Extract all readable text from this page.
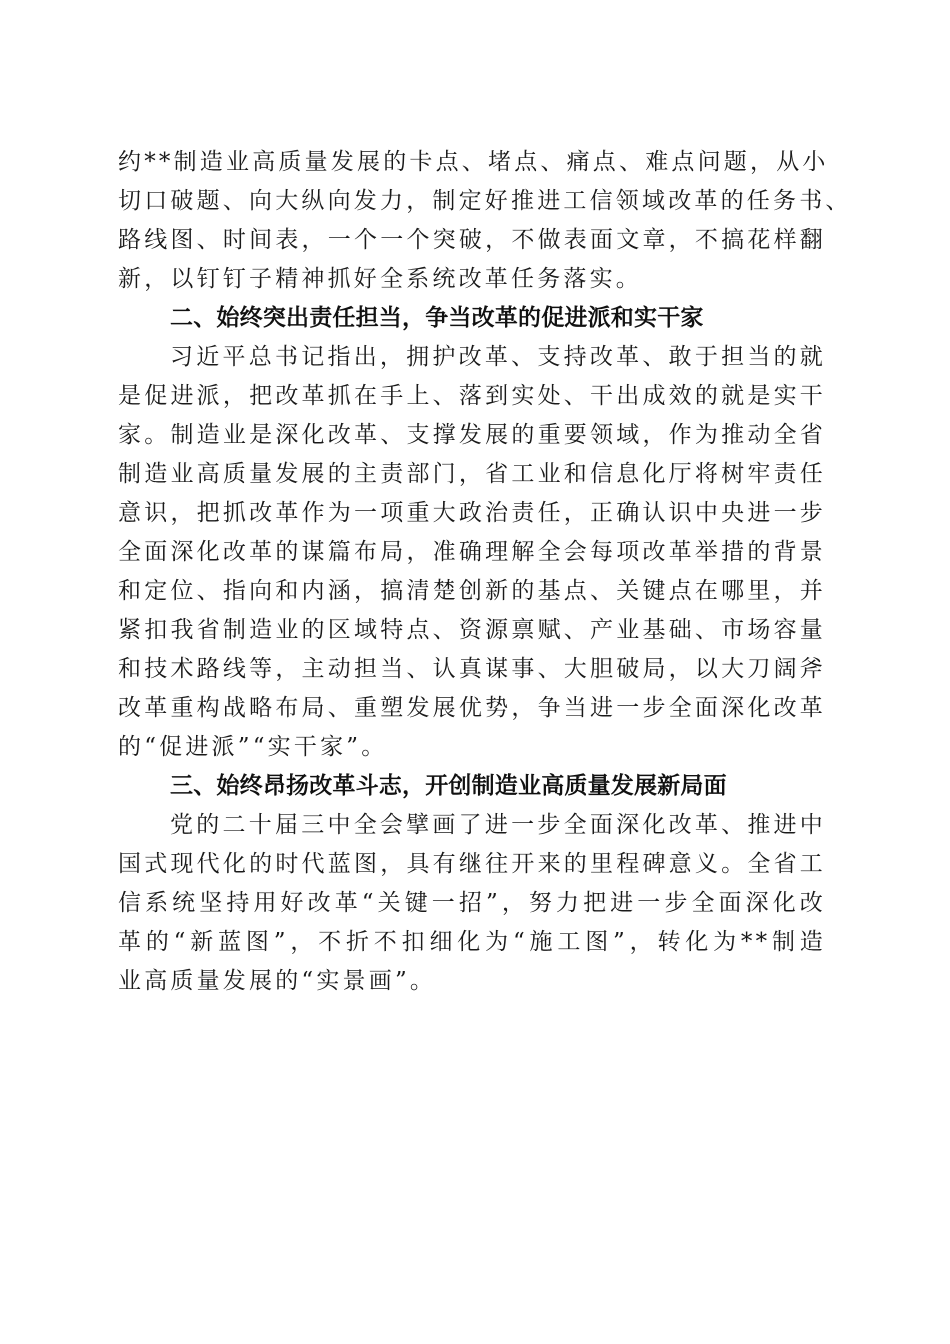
约**制造业高质量发展的卡点、堵点、痛点、难点问题，从小
切口破题、向大纵向发力，制定好推进工信领域改革的任务书、
路线图、时间表，一个一个突破，不做表面文章，不搞花样翻
新，以钉钉子精神抓好全系统改革任务落实。
二、始终突出责任担当，争当改革的促进派和实干家
习近平总书记指出，拥护改革、支持改革、敢于担当的就
是促进派，把改革抓在手上、落到实处、干出成效的就是实干
家。制造业是深化改革、支撑发展的重要领域，作为推动全省
制造业高质量发展的主责部门，省工业和信息化厅将树牢责任
意识，把抓改革作为一项重大政治责任，正确认识中央进一步
全面深化改革的谋篇布局，准确理解全会每项改革举措的背景
和定位、指向和内涵，搞清楚创新的基点、关键点在哪里，并
紧扣我省制造业的区域特点、资源禀赋、产业基础、市场容量
和技术路线等，主动担当、认真谋事、大胆破局，以大刀阔斧
改革重构战略布局、重塑发展优势，争当进一步全面深化改革
的“促进派”“实干家”。
三、始终昂扬改革斗志，开创制造业高质量发展新局面
党的二十届三中全会擘画了进一步全面深化改革、推进中
国式现代化的时代蓝图，具有继往开来的里程碑意义。全省工
信系统坚持用好改革“关键一招”，努力把进一步全面深化改
革的“新蓝图”，不折不扣细化为“施工图”，转化为**制造
业高质量发展的“实景画”。
